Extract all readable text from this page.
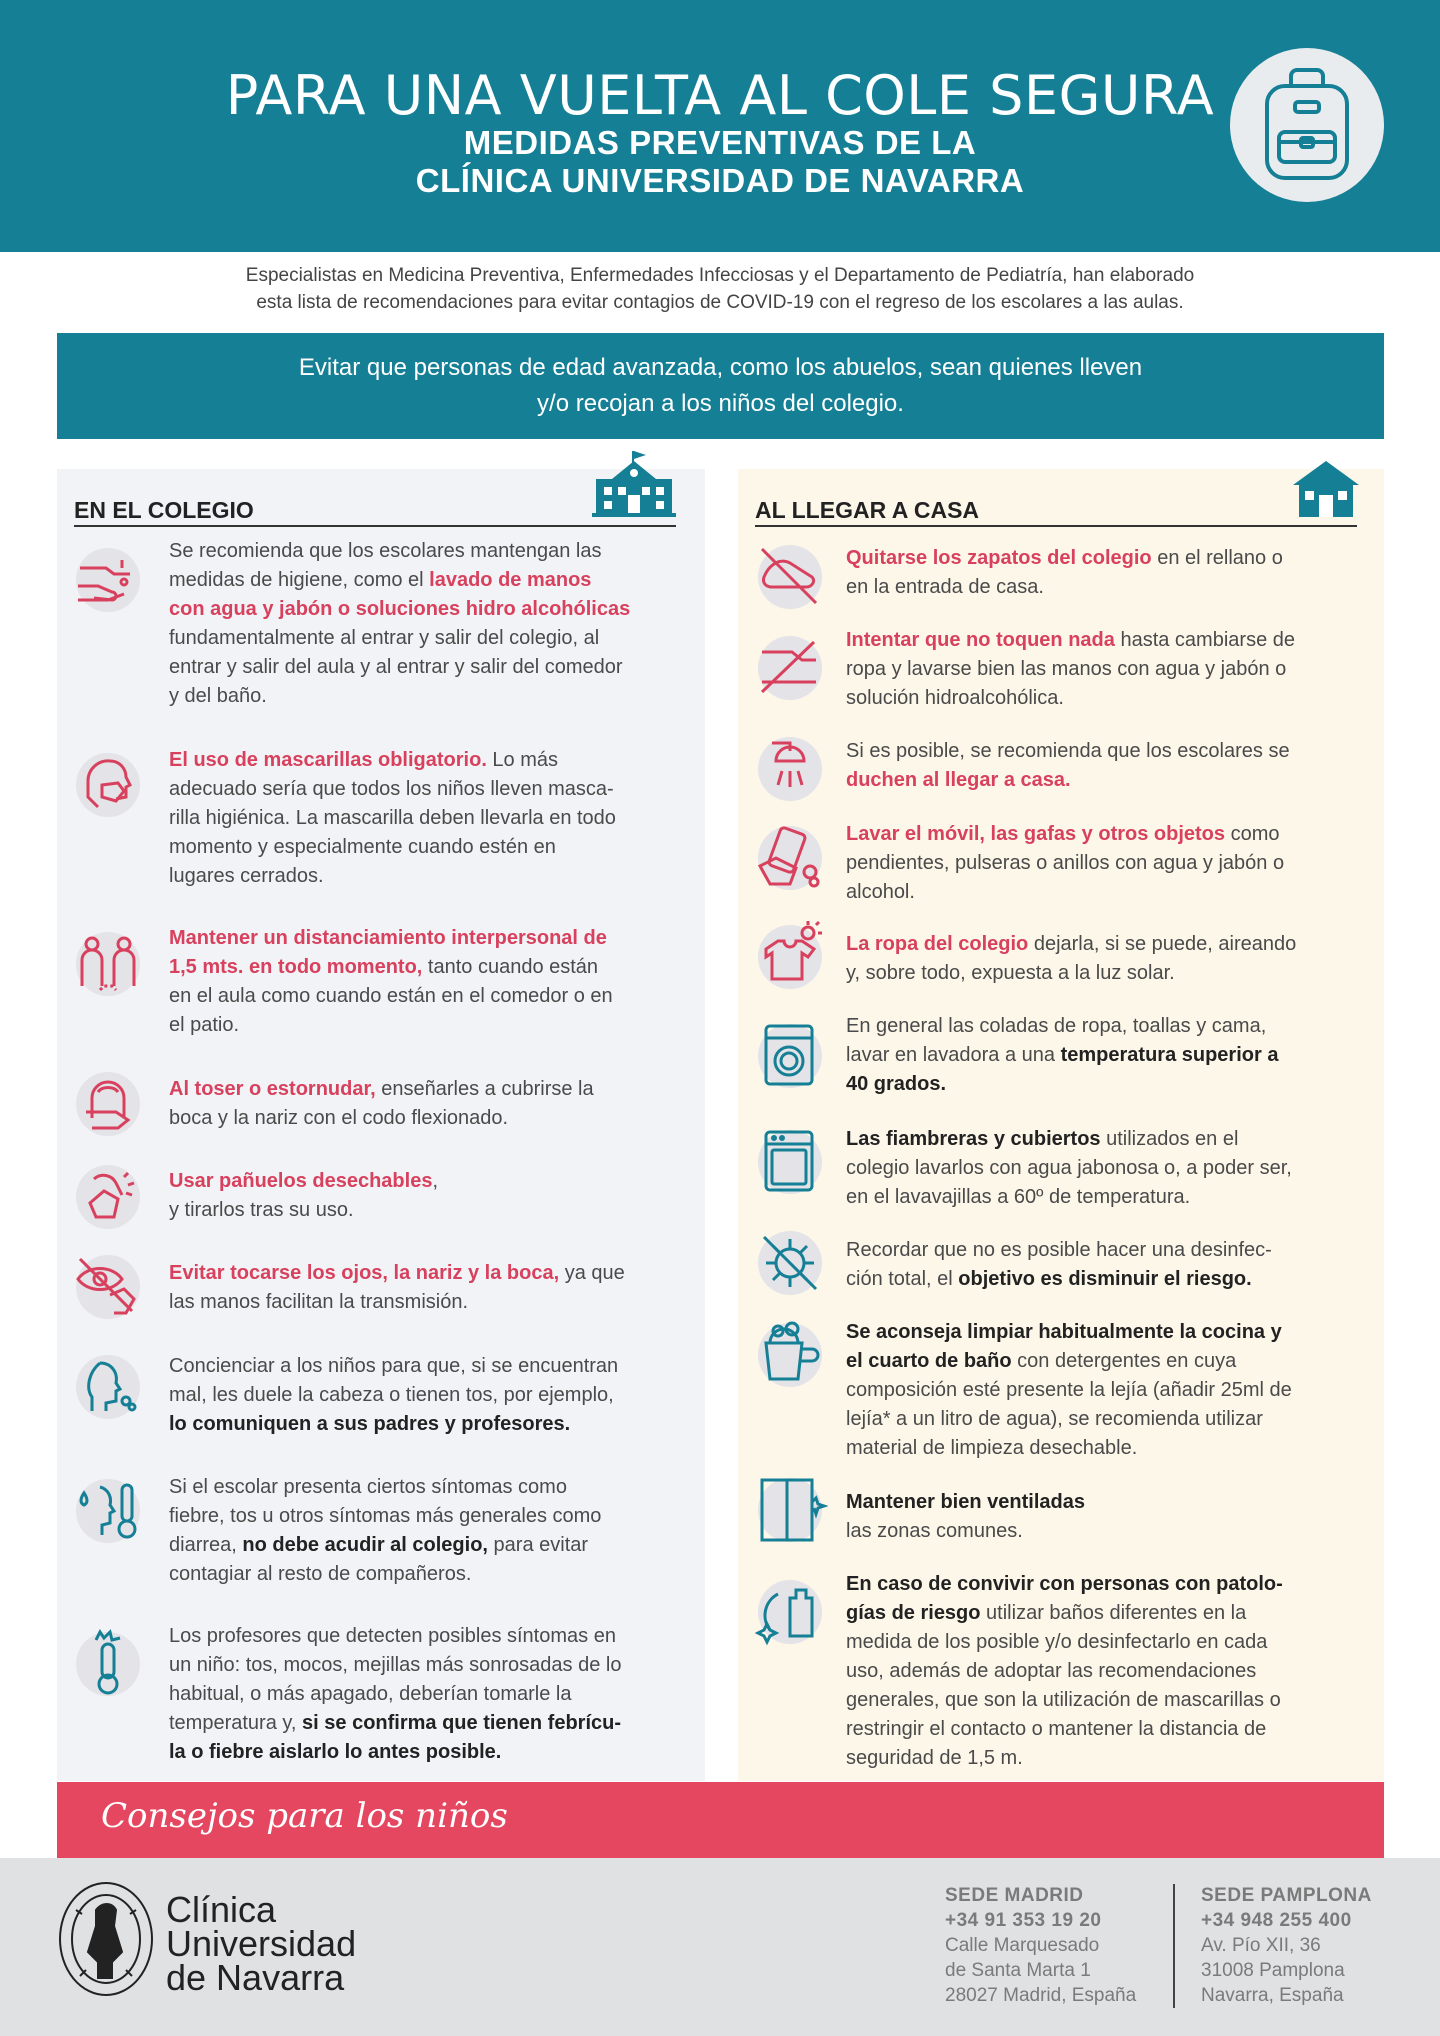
PARA UNA VUELTA AL COLE SEGURA
MEDIDAS PREVENTIVAS DE LA
CLÍNICA UNIVERSIDAD DE NAVARRA
Especialistas en Medicina Preventiva, Enfermedades Infecciosas y el Departamento de Pediatría, han elaborado
esta lista de recomendaciones para evitar contagios de COVID-19 con el regreso de los escolares a las aulas.
Evitar que personas de edad avanzada, como los abuelos, sean quienes lleven
y/o recojan a los niños del colegio.
EN EL COLEGIO	AL LLEGAR A CASA
Se recomienda que los escolares mantengan las
medidas de higiene, como el lavado de manos
con agua y jabón o soluciones hidro alcohólicas
fundamentalmente al entrar y salir del colegio, al
entrar y salir del aula y al entrar y salir del comedor
y del baño.
El uso de mascarillas obligatorio. Lo más
adecuado sería que todos los niños lleven masca-
rilla higiénica. La mascarilla deben llevarla en todo
momento y especialmente cuando estén en
lugares cerrados.
Mantener un distanciamiento interpersonal de
1,5 mts. en todo momento, tanto cuando están
en el aula como cuando están en el comedor o en
el patio.
Al toser o estornudar, enseñarles a cubrirse la
boca y la nariz con el codo flexionado.
Usar pañuelos desechables,
y tirarlos tras su uso.
Evitar tocarse los ojos, la nariz y la boca, ya que
las manos facilitan la transmisión.
Concienciar a los niños para que, si se encuentran
mal, les duele la cabeza o tienen tos, por ejemplo,
lo comuniquen a sus padres y profesores.
Si el escolar presenta ciertos síntomas como
fiebre, tos u otros síntomas más generales como
diarrea, no debe acudir al colegio, para evitar
contagiar al resto de compañeros.
Los profesores que detecten posibles síntomas en
un niño: tos, mocos, mejillas más sonrosadas de lo
habitual, o más apagado, deberían tomarle la
temperatura y, si se confirma que tienen febrícu-
la o fiebre aislarlo lo antes posible.
Quitarse los zapatos del colegio en el rellano o
en la entrada de casa.
Intentar que no toquen nada hasta cambiarse de
ropa y lavarse bien las manos con agua y jabón o
solución hidroalcohólica.
Si es posible, se recomienda que los escolares se
duchen al llegar a casa.
Lavar el móvil, las gafas y otros objetos como
pendientes, pulseras o anillos con agua y jabón o
alcohol.
La ropa del colegio dejarla, si se puede, aireando
y, sobre todo, expuesta a la luz solar.
En general las coladas de ropa, toallas y cama,
lavar en lavadora a una temperatura superior a
40 grados.
Las fiambreras y cubiertos utilizados en el
colegio lavarlos con agua jabonosa o, a poder ser,
en el lavavajillas a 60º de temperatura.
Recordar que no es posible hacer una desinfec-
ción total, el objetivo es disminuir el riesgo.
Se aconseja limpiar habitualmente la cocina y
el cuarto de baño con detergentes en cuya
composición esté presente la lejía (añadir 25ml de
lejía* a un litro de agua), se recomienda utilizar
material de limpieza desechable.
Mantener bien ventiladas
las zonas comunes.
En caso de convivir con personas con patolo-
gías de riesgo utilizar baños diferentes en la
medida de los posible y/o desinfectarlo en cada
uso, además de adoptar las recomendaciones
generales, que son la utilización de mascarillas o
restringir el contacto o mantener la distancia de
seguridad de 1,5 m.
Consejos para los niños
Clínica
Universidad
de Navarra
SEDE MADRID
+34 91 353 19 20
Calle Marquesado
de Santa Marta 1
28027 Madrid, España
SEDE PAMPLONA
+34 948 255 400
Av. Pío XII, 36
31008 Pamplona
Navarra, España
